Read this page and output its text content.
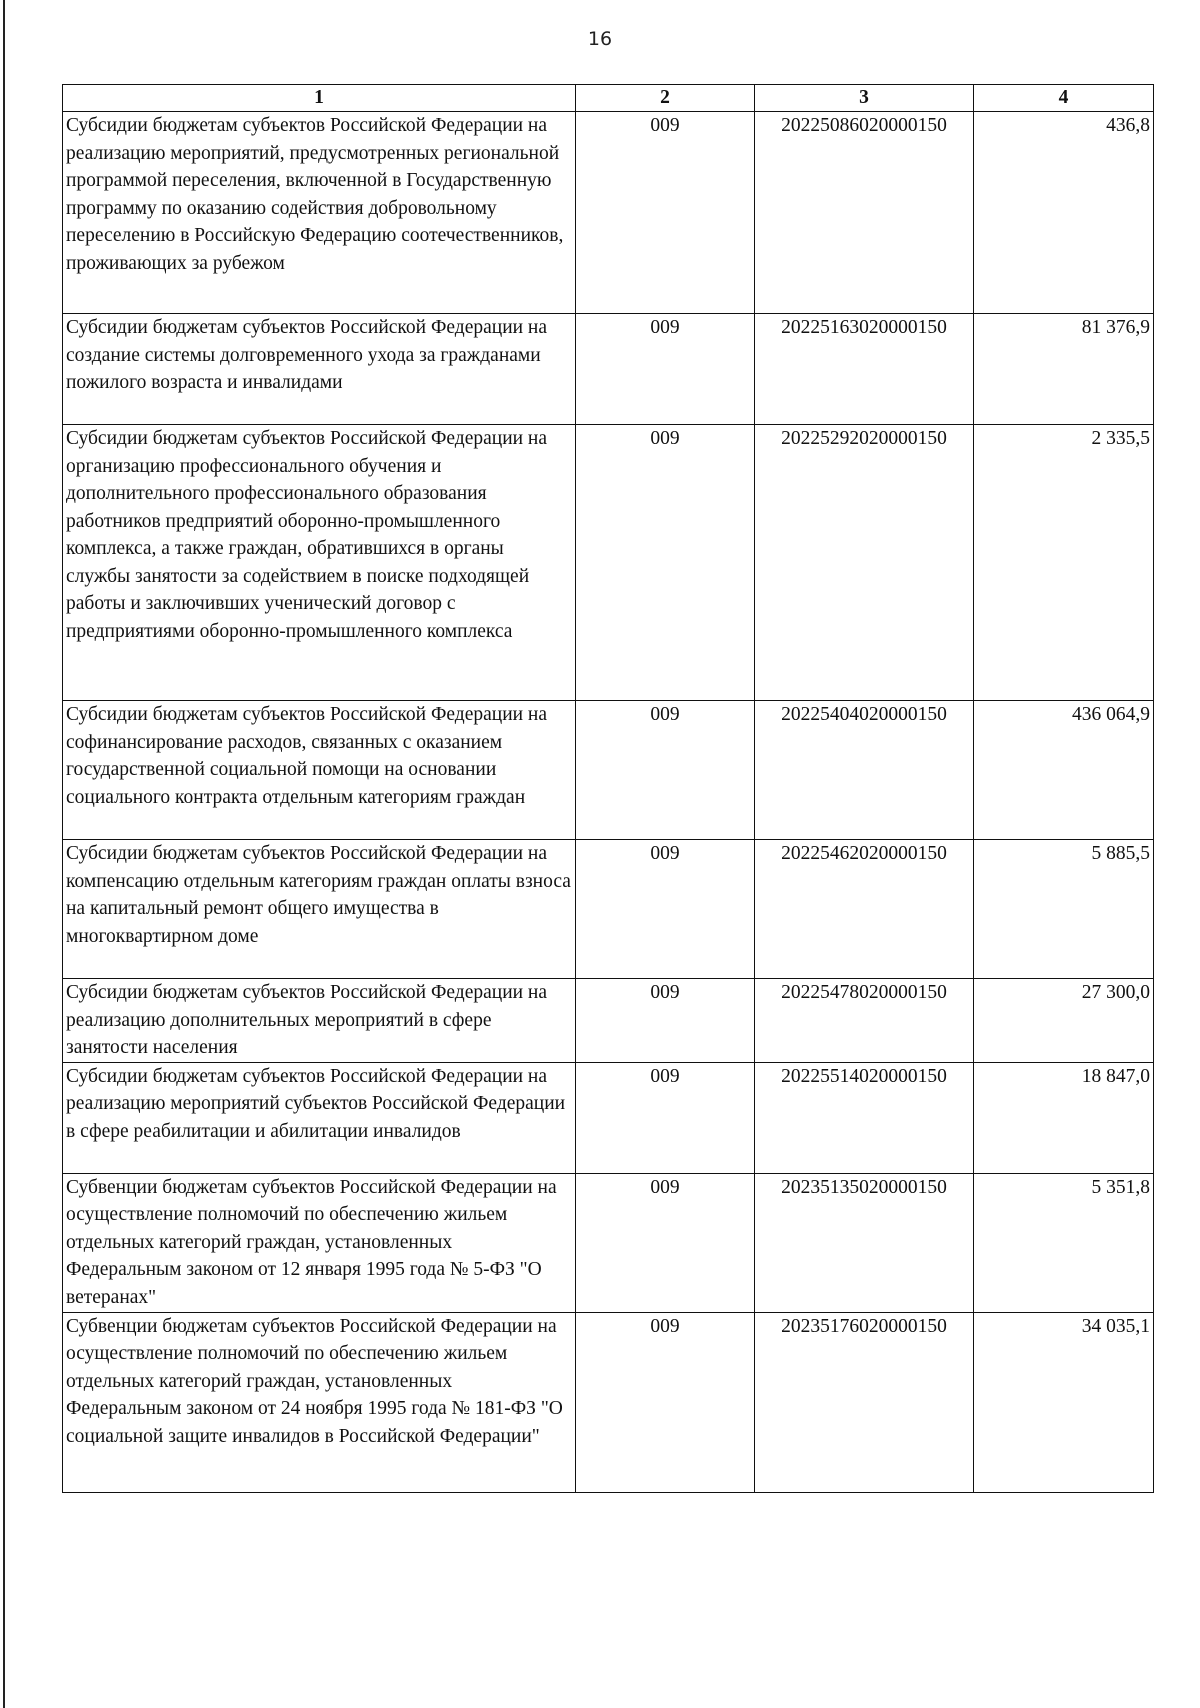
16
1	2	3	4
Субсидии бюджетам субъектов Российской Федерации на реализацию мероприятий, предусмотренных региональной программой переселения, включенной в Государственную программу по оказанию содействия добровольному переселению в Российскую Федерацию соотечественников, проживающих за рубежом	009	20225086020000150	436,8
Субсидии бюджетам субъектов Российской Федерации на создание системы долговременного ухода за гражданами пожилого возраста и инвалидами	009	20225163020000150	81 376,9
Субсидии бюджетам субъектов Российской Федерации на организацию профессионального обучения и дополнительного профессионального образования работников предприятий оборонно-промышленного комплекса, а также граждан, обратившихся в органы службы занятости за содействием в поиске подходящей работы и заключивших ученический договор с предприятиями оборонно-промышленного комплекса	009	20225292020000150	2 335,5
Субсидии бюджетам субъектов Российской Федерации на софинансирование расходов, связанных с оказанием государственной социальной помощи на основании социального контракта отдельным категориям граждан	009	20225404020000150	436 064,9
Субсидии бюджетам субъектов Российской Федерации на компенсацию отдельным категориям граждан оплаты взноса на капитальный ремонт общего имущества в многоквартирном доме	009	20225462020000150	5 885,5
Субсидии бюджетам субъектов Российской Федерации на реализацию дополнительных мероприятий в сфере занятости населения	009	20225478020000150	27 300,0
Субсидии бюджетам субъектов Российской Федерации на реализацию мероприятий субъектов Российской Федерации в сфере реабилитации и абилитации инвалидов	009	20225514020000150	18 847,0
Субвенции бюджетам субъектов Российской Федерации на осуществление полномочий по обеспечению жильем отдельных категорий граждан, установленных Федеральным законом от 12 января 1995 года № 5-ФЗ "О ветеранах"	009	20235135020000150	5 351,8
Субвенции бюджетам субъектов Российской Федерации на осуществление полномочий по обеспечению жильем отдельных категорий граждан, установленных Федеральным законом от 24 ноября 1995 года № 181-ФЗ "О социальной защите инвалидов в Российской Федерации"	009	20235176020000150	34 035,1
